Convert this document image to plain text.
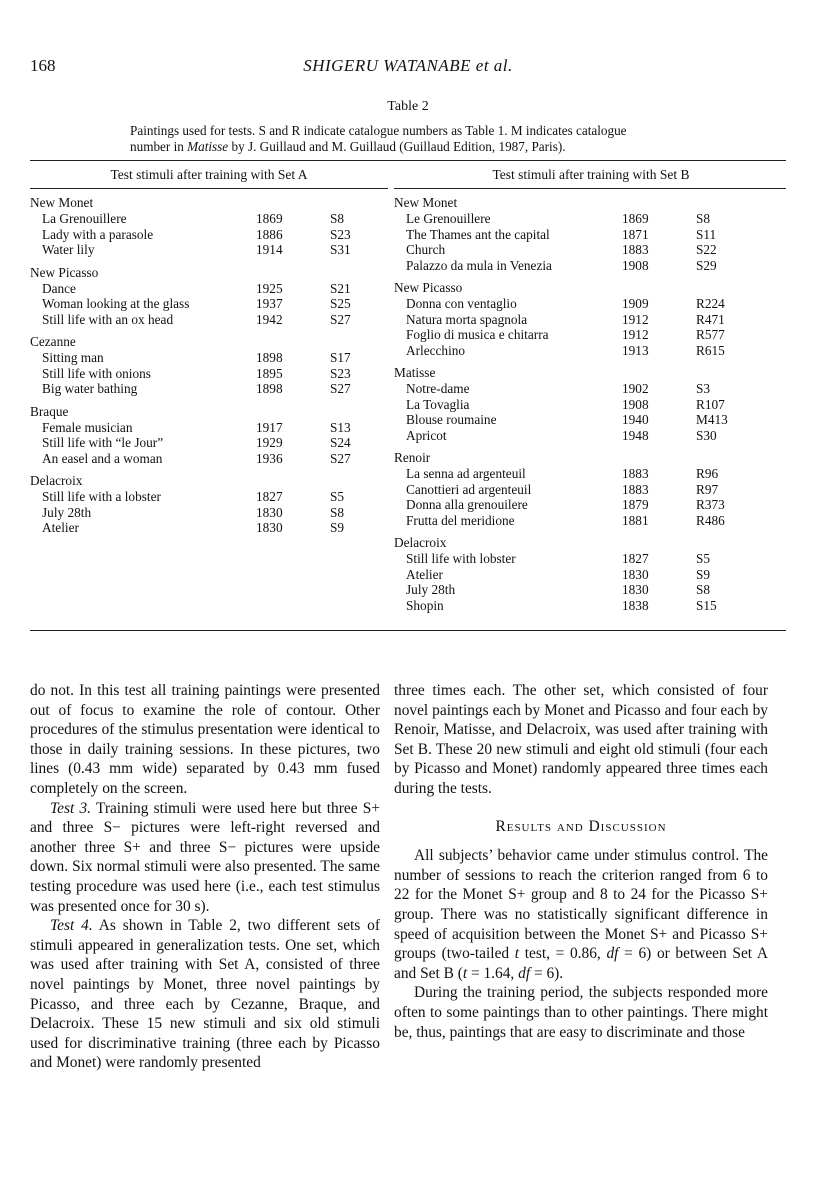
168	SHIGERU WATANABE et al.
Table 2
Paintings used for tests. S and R indicate catalogue numbers as Table 1. M indicates catalogue
number in Matisse by J. Guillaud and M. Guillaud (Guillaud Edition, 1987, Paris).
Test stimuli after training with Set A	Test stimuli after training with Set B
New Monet
La Grenouillere	1869	S8
Lady with a parasole	1886	S23
Water lily	1914	S31
New Picasso
Dance	1925	S21
Woman looking at the glass	1937	S25
Still life with an ox head	1942	S27
Cezanne
Sitting man	1898	S17
Still life with onions	1895	S23
Big water bathing	1898	S27
Braque
Female musician	1917	S13
Still life with “le Jour”	1929	S24
An easel and a woman	1936	S27
Delacroix
Still life with a lobster	1827	S5
July 28th	1830	S8
Atelier	1830	S9
New Monet
Le Grenouillere	1869	S8
The Thames ant the capital	1871	S11
Church	1883	S22
Palazzo da mula in Venezia	1908	S29
New Picasso
Donna con ventaglio	1909	R224
Natura morta spagnola	1912	R471
Foglio di musica e chitarra	1912	R577
Arlecchino	1913	R615
Matisse
Notre-dame	1902	S3
La Tovaglia	1908	R107
Blouse roumaine	1940	M413
Apricot	1948	S30
Renoir
La senna ad argenteuil	1883	R96
Canottieri ad argenteuil	1883	R97
Donna alla grenouilere	1879	R373
Frutta del meridione	1881	R486
Delacroix
Still life with lobster	1827	S5
Atelier	1830	S9
July 28th	1830	S8
Shopin	1838	S15

do not. In this test all training paintings were presented out of focus to examine the role of contour. Other procedures of the stimulus presentation were identical to those in daily training sessions. In these pictures, two lines (0.43 mm wide) separated by 0.43 mm fused completely on the screen.

Test 3. Training stimuli were used here but three S+ and three S− pictures were left-right reversed and another three S+ and three S− pictures were upside down. Six normal stimuli were also presented. The same testing procedure was used here (i.e., each test stimulus was presented once for 30 s).

Test 4. As shown in Table 2, two different sets of stimuli appeared in generalization tests. One set, which was used after training with Set A, consisted of three novel paintings by Monet, three novel paintings by Picasso, and three each by Cezanne, Braque, and Delacroix. These 15 new stimuli and six old stimuli used for discriminative training (three each by Picasso and Monet) were randomly presented

three times each. The other set, which consisted of four novel paintings each by Monet and Picasso and four each by Renoir, Matisse, and Delacroix, was used after training with Set B. These 20 new stimuli and eight old stimuli (four each by Picasso and Monet) randomly appeared three times each during the tests.

Results and Discussion

All subjects’ behavior came under stimulus control. The number of sessions to reach the criterion ranged from 6 to 22 for the Monet S+ group and 8 to 24 for the Picasso S+ group. There was no statistically significant difference in speed of acquisition between the Monet S+ and Picasso S+ groups (two-tailed t test, = 0.86, df = 6) or between Set A and Set B (t = 1.64, df = 6).

During the training period, the subjects responded more often to some paintings than to other paintings. There might be, thus, paintings that are easy to discriminate and those
